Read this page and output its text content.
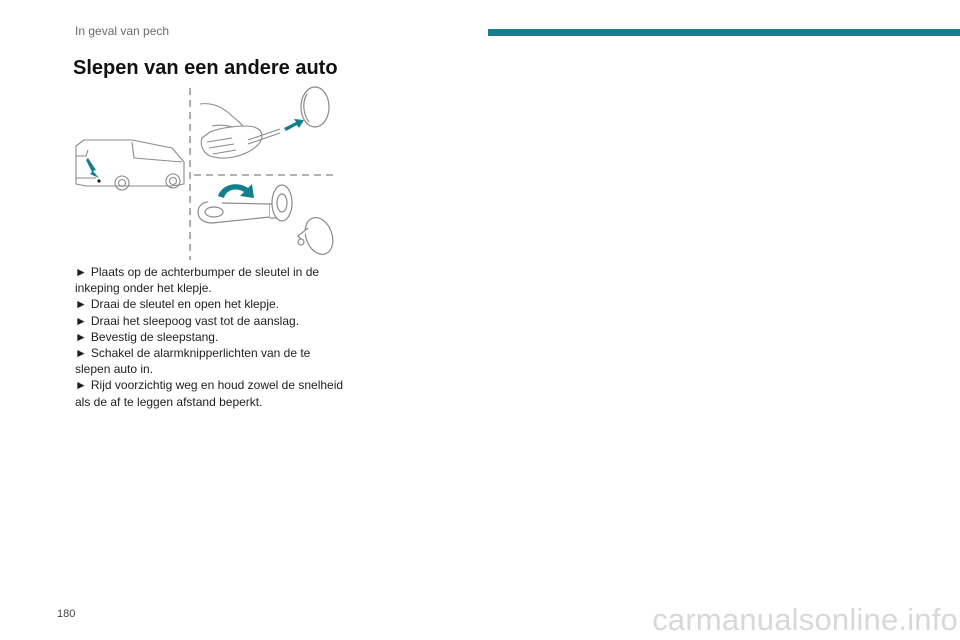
In geval van pech
Slepen van een andere auto
► Plaats op de achterbumper de sleutel in de inkeping onder het klepje.
► Draai de sleutel en open het klepje.
► Draai het sleepoog vast tot de aanslag.
► Bevestig de sleepstang.
► Schakel de alarmknipperlichten van de te slepen auto in.
► Rijd voorzichtig weg en houd zowel de snelheid als de af te leggen afstand beperkt.
180	carmanualsonline.info
